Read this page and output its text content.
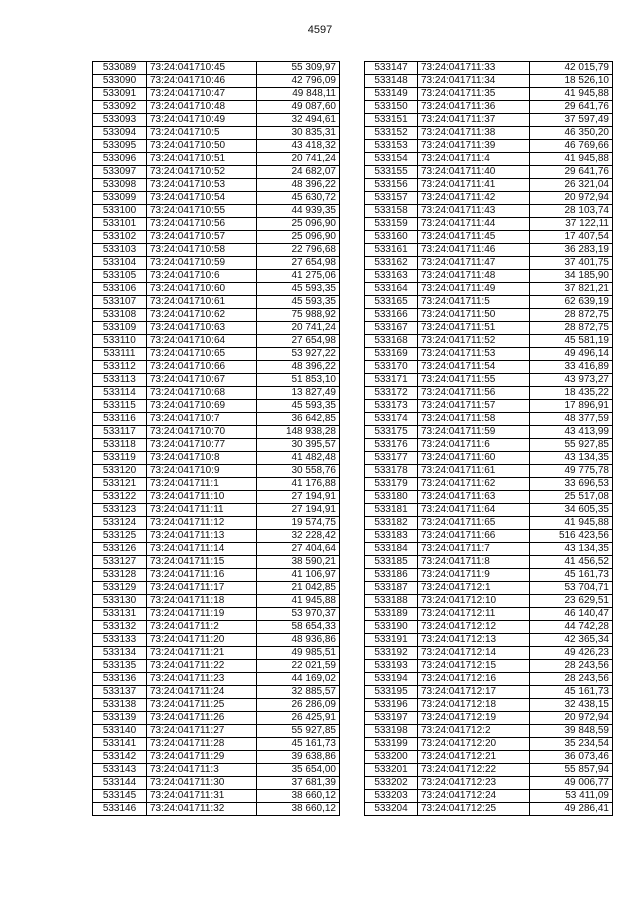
4597
533089	73:24:041710:45	55 309,97
533090	73:24:041710:46	42 796,09
533091	73:24:041710:47	49 848,11
533092	73:24:041710:48	49 087,60
533093	73:24:041710:49	32 494,61
533094	73:24:041710:5	30 835,31
533095	73:24:041710:50	43 418,32
533096	73:24:041710:51	20 741,24
533097	73:24:041710:52	24 682,07
533098	73:24:041710:53	48 396,22
533099	73:24:041710:54	45 630,72
533100	73:24:041710:55	44 939,35
533101	73:24:041710:56	25 096,90
533102	73:24:041710:57	25 096,90
533103	73:24:041710:58	22 796,68
533104	73:24:041710:59	27 654,98
533105	73:24:041710:6	41 275,06
533106	73:24:041710:60	45 593,35
533107	73:24:041710:61	45 593,35
533108	73:24:041710:62	75 988,92
533109	73:24:041710:63	20 741,24
533110	73:24:041710:64	27 654,98
533111	73:24:041710:65	53 927,22
533112	73:24:041710:66	48 396,22
533113	73:24:041710:67	51 853,10
533114	73:24:041710:68	13 827,49
533115	73:24:041710:69	45 593,35
533116	73:24:041710:7	36 642,85
533117	73:24:041710:70	148 938,28
533118	73:24:041710:77	30 395,57
533119	73:24:041710:8	41 482,48
533120	73:24:041710:9	30 558,76
533121	73:24:041711:1	41 176,88
533122	73:24:041711:10	27 194,91
533123	73:24:041711:11	27 194,91
533124	73:24:041711:12	19 574,75
533125	73:24:041711:13	32 228,42
533126	73:24:041711:14	27 404,64
533127	73:24:041711:15	38 590,21
533128	73:24:041711:16	41 106,97
533129	73:24:041711:17	21 042,85
533130	73:24:041711:18	41 945,88
533131	73:24:041711:19	53 970,37
533132	73:24:041711:2	58 654,33
533133	73:24:041711:20	48 936,86
533134	73:24:041711:21	49 985,51
533135	73:24:041711:22	22 021,59
533136	73:24:041711:23	44 169,02
533137	73:24:041711:24	32 885,57
533138	73:24:041711:25	26 286,09
533139	73:24:041711:26	26 425,91
533140	73:24:041711:27	55 927,85
533141	73:24:041711:28	45 161,73
533142	73:24:041711:29	39 638,86
533143	73:24:041711:3	35 654,00
533144	73:24:041711:30	37 681,39
533145	73:24:041711:31	38 660,12
533146	73:24:041711:32	38 660,12
533147	73:24:041711:33	42 015,79
533148	73:24:041711:34	18 526,10
533149	73:24:041711:35	41 945,88
533150	73:24:041711:36	29 641,76
533151	73:24:041711:37	37 597,49
533152	73:24:041711:38	46 350,20
533153	73:24:041711:39	46 769,66
533154	73:24:041711:4	41 945,88
533155	73:24:041711:40	29 641,76
533156	73:24:041711:41	26 321,04
533157	73:24:041711:42	20 972,94
533158	73:24:041711:43	28 103,74
533159	73:24:041711:44	37 122,11
533160	73:24:041711:45	17 407,54
533161	73:24:041711:46	36 283,19
533162	73:24:041711:47	37 401,75
533163	73:24:041711:48	34 185,90
533164	73:24:041711:49	37 821,21
533165	73:24:041711:5	62 639,19
533166	73:24:041711:50	28 872,75
533167	73:24:041711:51	28 872,75
533168	73:24:041711:52	45 581,19
533169	73:24:041711:53	49 496,14
533170	73:24:041711:54	33 416,89
533171	73:24:041711:55	43 973,27
533172	73:24:041711:56	18 435,22
533173	73:24:041711:57	17 896,91
533174	73:24:041711:58	48 377,59
533175	73:24:041711:59	43 413,99
533176	73:24:041711:6	55 927,85
533177	73:24:041711:60	43 134,35
533178	73:24:041711:61	49 775,78
533179	73:24:041711:62	33 696,53
533180	73:24:041711:63	25 517,08
533181	73:24:041711:64	34 605,35
533182	73:24:041711:65	41 945,88
533183	73:24:041711:66	516 423,56
533184	73:24:041711:7	43 134,35
533185	73:24:041711:8	41 456,52
533186	73:24:041711:9	45 161,73
533187	73:24:041712:1	53 704,71
533188	73:24:041712:10	23 629,51
533189	73:24:041712:11	46 140,47
533190	73:24:041712:12	44 742,28
533191	73:24:041712:13	42 365,34
533192	73:24:041712:14	49 426,23
533193	73:24:041712:15	28 243,56
533194	73:24:041712:16	28 243,56
533195	73:24:041712:17	45 161,73
533196	73:24:041712:18	32 438,15
533197	73:24:041712:19	20 972,94
533198	73:24:041712:2	39 848,59
533199	73:24:041712:20	35 234,54
533200	73:24:041712:21	36 073,46
533201	73:24:041712:22	55 857,94
533202	73:24:041712:23	49 006,77
533203	73:24:041712:24	53 411,09
533204	73:24:041712:25	49 286,41
